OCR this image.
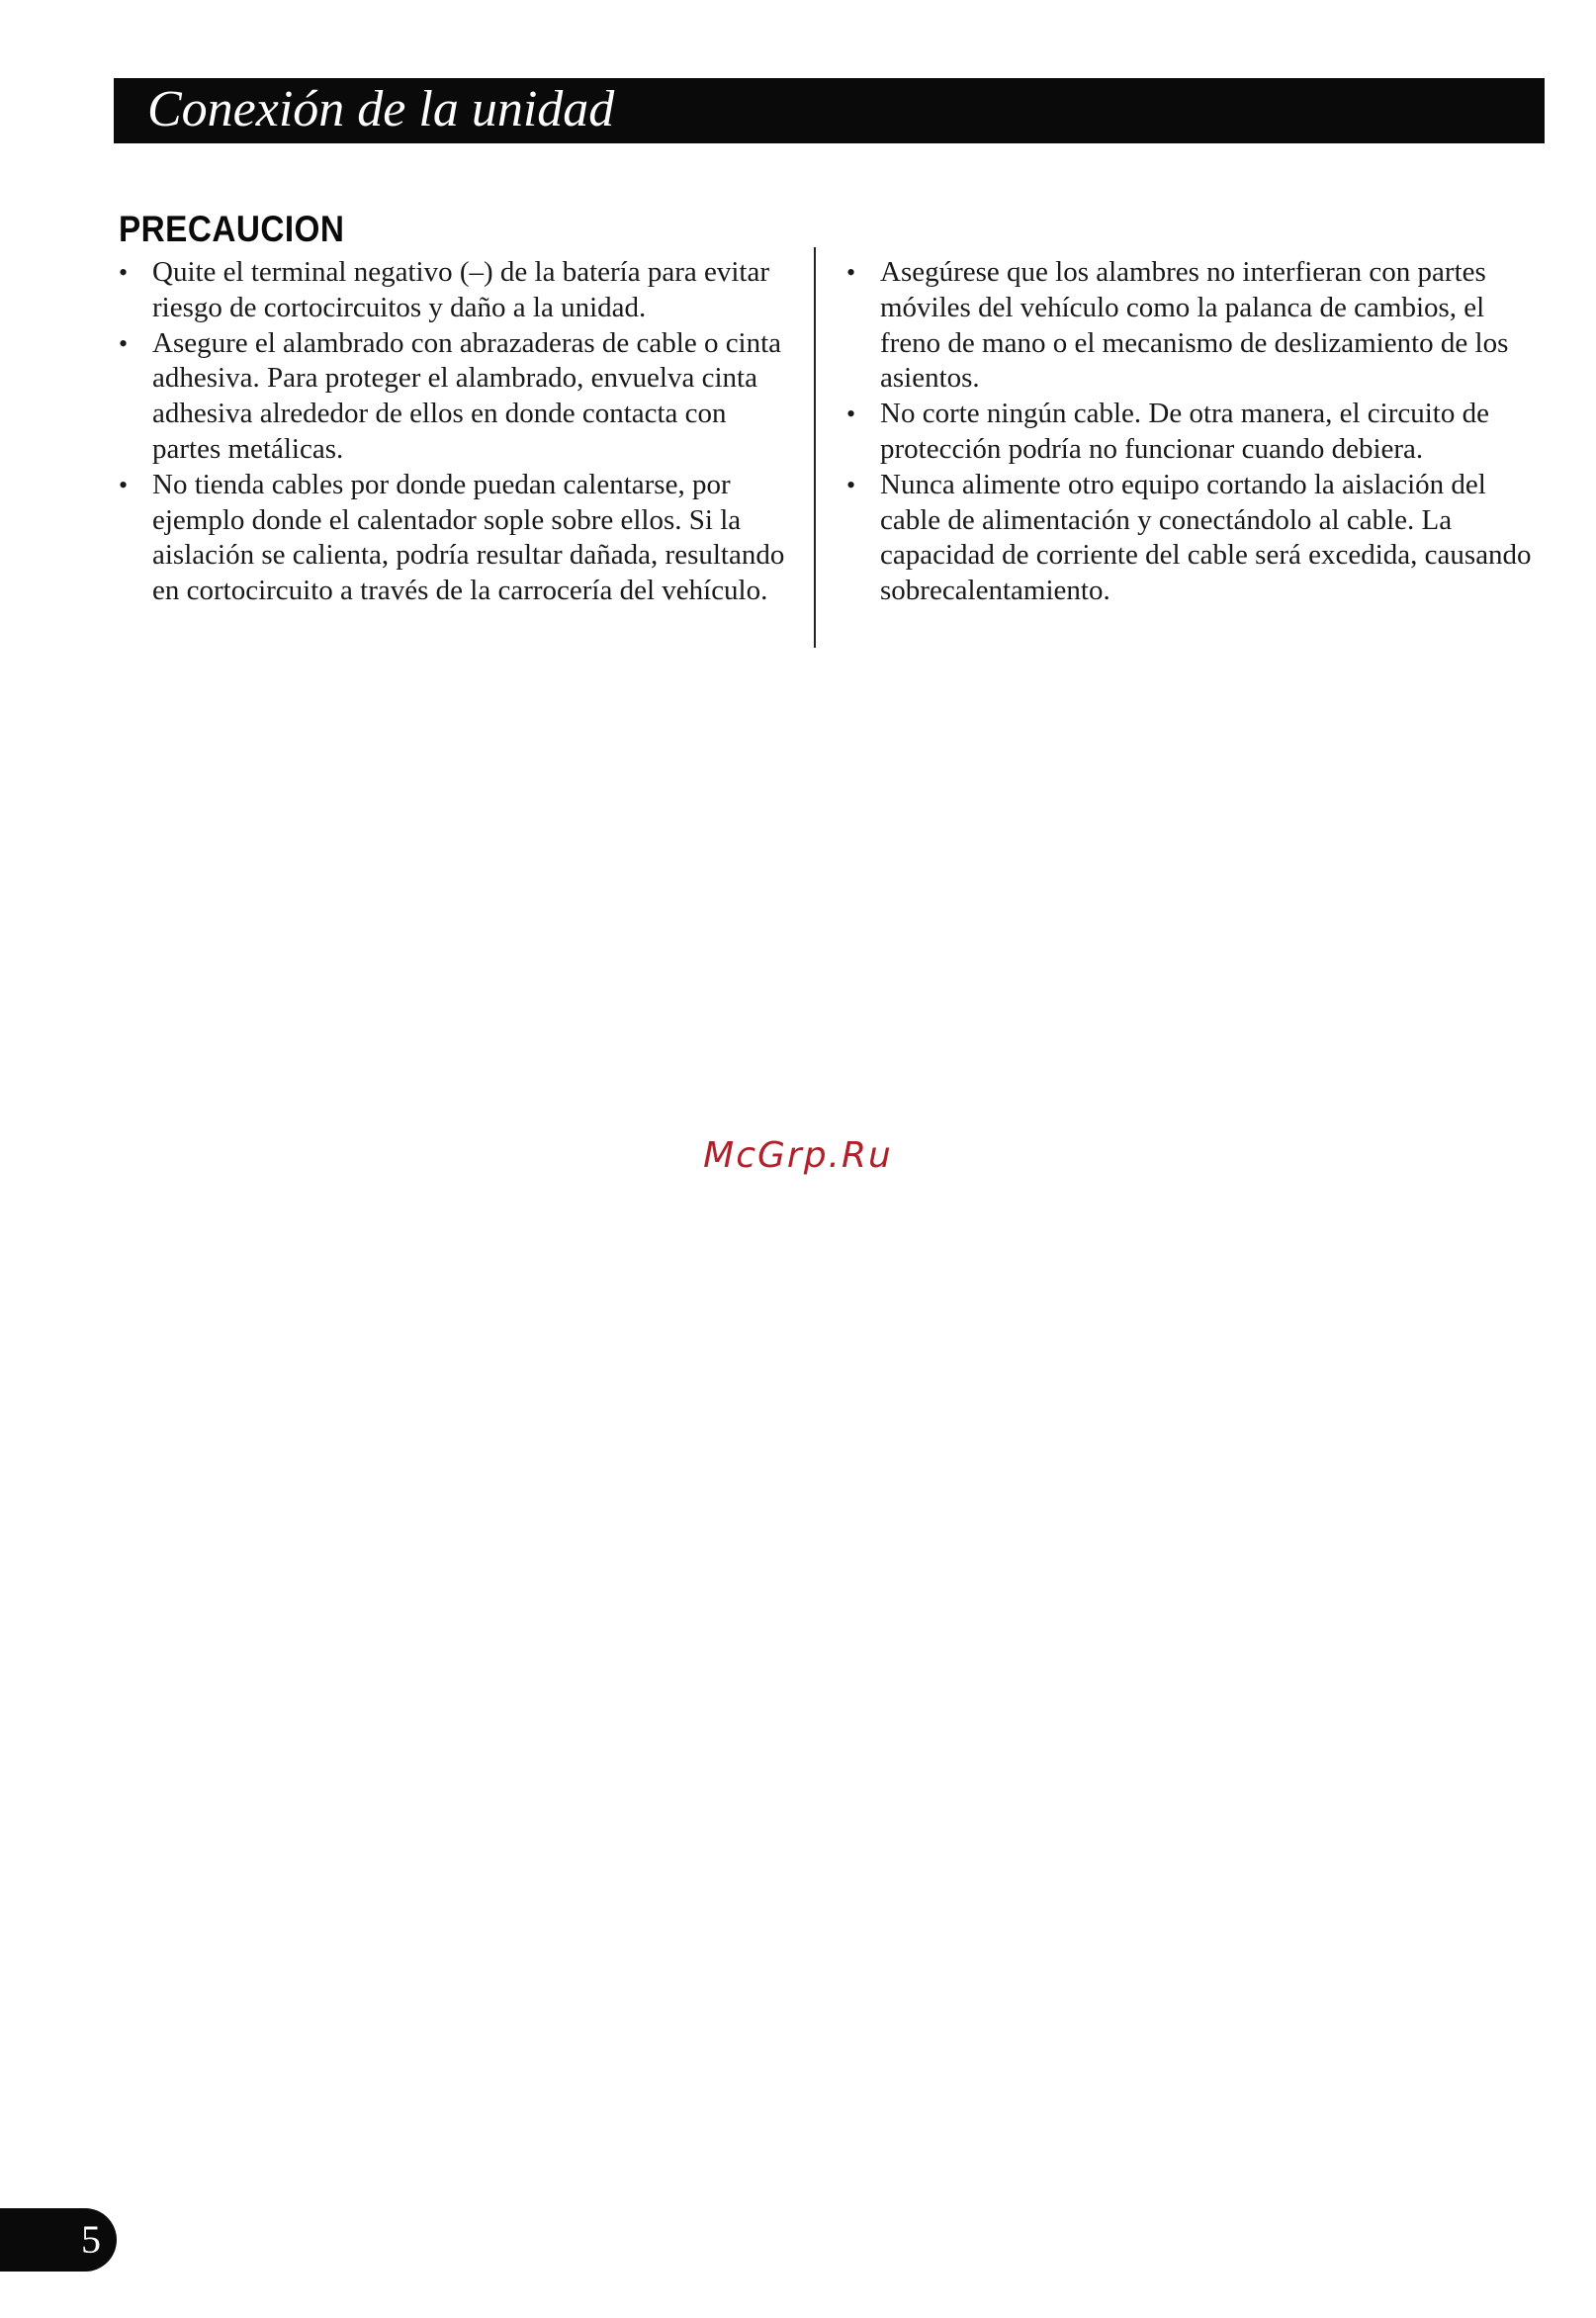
Conexión de la unidad
PRECAUCION
• Quite el terminal negativo (–) de la batería para evitar riesgo de cortocircuitos y daño a la unidad.
• Asegure el alambrado con abrazaderas de cable o cinta adhesiva. Para proteger el alambrado, envuelva cinta adhesiva alrededor de ellos en donde contacta con partes metálicas.
• No tienda cables por donde puedan calentarse, por ejemplo donde el calentador sople sobre ellos. Si la aislación se calienta, podría resultar dañada, resultando en cortocircuito a través de la carrocería del vehículo.
• Asegúrese que los alambres no interfieran con partes móviles del vehículo como la palanca de cambios, el freno de mano o el mecanismo de deslizamiento de los asientos.
• No corte ningún cable. De otra manera, el circuito de protección podría no funcionar cuando debiera.
• Nunca alimente otro equipo cortando la aislación del cable de alimentación y conectándolo al cable. La capacidad de corriente del cable será excedida, causando sobrecalentamiento.
McGrp.Ru
5
